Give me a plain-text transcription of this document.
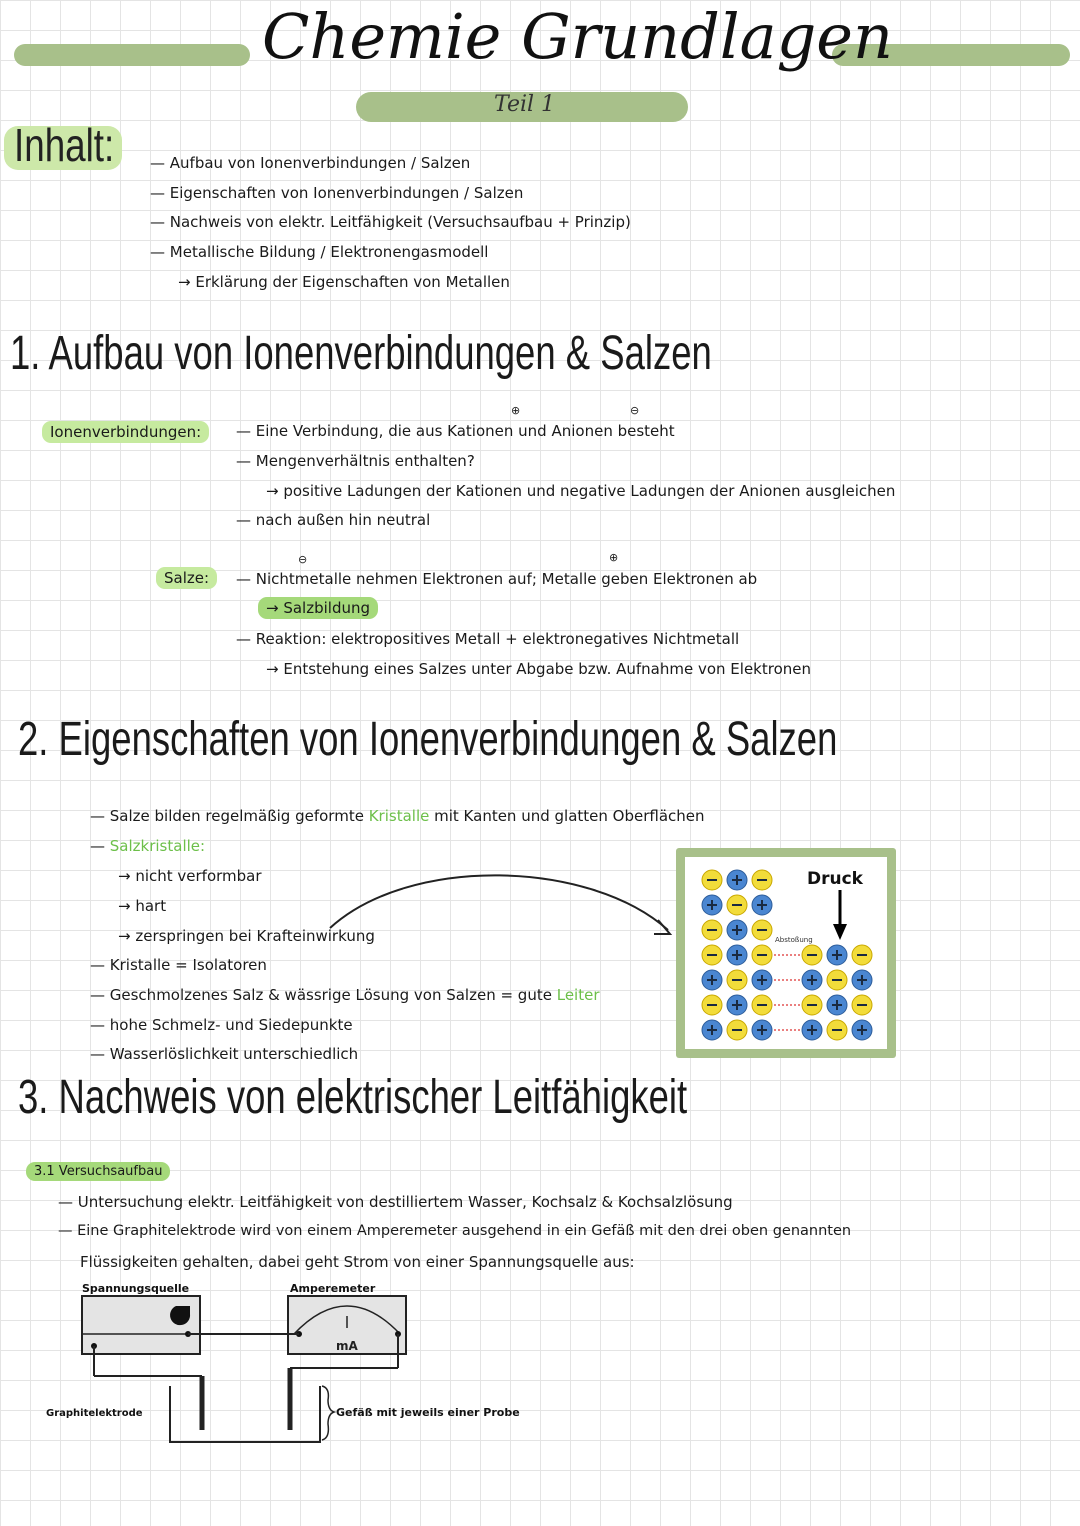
Chemie Grundlagen
Teil 1
Inhalt: — Aufbau von Ionenverbindungen / Salzen
— Eigenschaften von Ionenverbindungen / Salzen
— Nachweis von elektr. Leitfähigkeit (Versuchsaufbau + Prinzip)
— Metallische Bildung / Elektronengasmodell
→ Erklärung der Eigenschaften von Metallen
1. Aufbau von Ionenverbindungen & Salzen
Ionenverbindungen:
⊕	⊖
— Eine Verbindung, die aus Kationen und Anionen besteht
— Mengenverhältnis enthalten?
→ positive Ladungen der Kationen und negative Ladungen der Anionen ausgleichen
— nach außen hin neutral
Salze:
⊖	⊕
— Nichtmetalle nehmen Elektronen auf; Metalle geben Elektronen ab
→ Salzbildung
— Reaktion: elektropositives Metall + elektronegatives Nichtmetall
→ Entstehung eines Salzes unter Abgabe bzw. Aufnahme von Elektronen
2. Eigenschaften von Ionenverbindungen & Salzen
— Salze bilden regelmäßig geformte Kristalle mit Kanten und glatten Oberflächen
— Salzkristalle:
→ nicht verformbar
→ hart
→ zerspringen bei Krafteinwirkung
— Kristalle = Isolatoren
— Geschmolzenes Salz & wässrige Lösung von Salzen = gute Leiter
— hohe Schmelz- und Siedepunkte
— Wasserlöslichkeit unterschiedlich
Druck
Abstoßung
3. Nachweis von elektrischer Leitfähigkeit
3.1 Versuchsaufbau
— Untersuchung elektr. Leitfähigkeit von destilliertem Wasser, Kochsalz & Kochsalzlösung
— Eine Graphitelektrode wird von einem Amperemeter ausgehend in ein Gefäß mit den drei oben genannten
Flüssigkeiten gehalten, dabei geht Strom von einer Spannungsquelle aus:
Spannungsquelle	Amperemeter
mA
Graphitelektrode	Gefäß mit jeweils einer Probe
